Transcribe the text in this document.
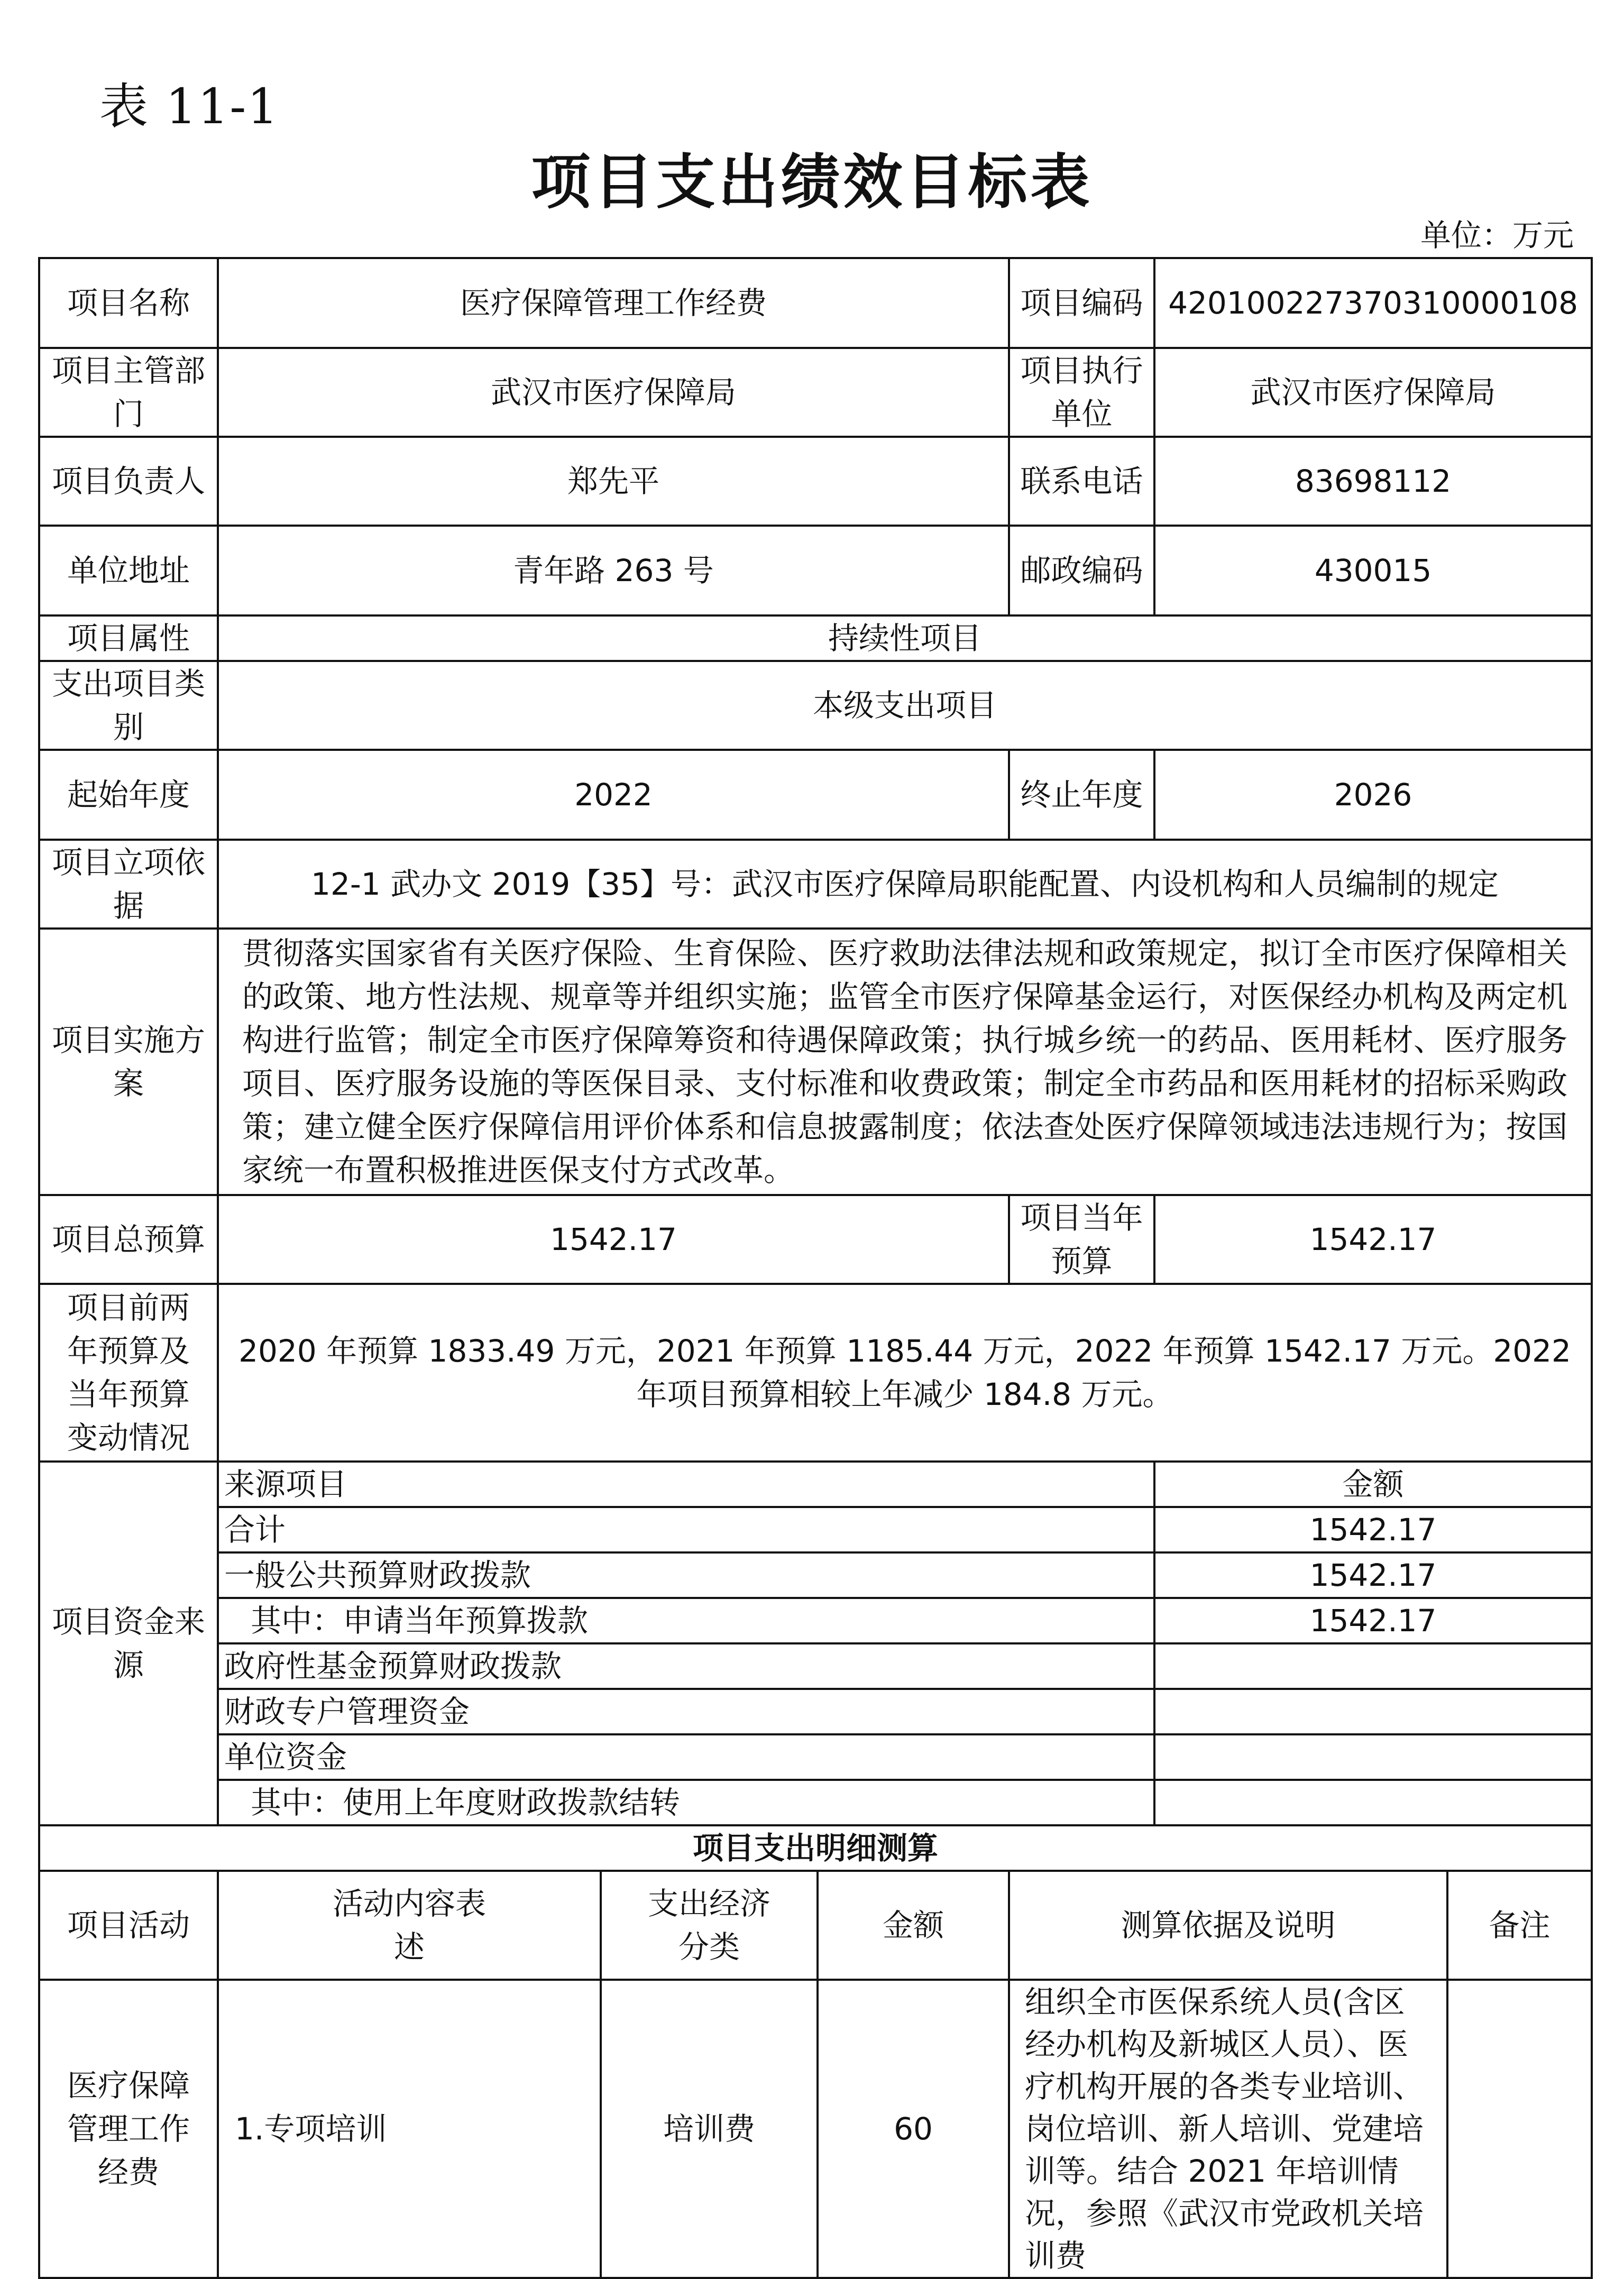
表 11-1
项目支出绩效目标表
单位：万元
项目名称	医疗保障管理工作经费			项目编码	42010022737031000010​8	
项目主管部门	武汉市医疗保障局			项目执行单位	武汉市医疗保障局	
项目负责人	郑先平			联系电话	83698112	
单位地址	青年路 263 号			邮政编码	430015	
项目属性	持续性项目					
支出项目类别	本级支出项目					
起始年度	2022			终止年度	2026	
项目立项依据	12-1 武办文 2019【35】号：武汉市医疗保障局职能配置、内设机构和人员编制的规定					
项目实施方案	贯彻落实国家省有关医疗保险、生育保险、医疗救助法律法规和政策规定，拟订全市医疗保障相关的政策、地方性法规、规章等并组织实施；监管全市医疗保障基金运行，对医保经办机构及两定机构进行监管；制定全市医疗保障筹资和待遇保障政策；执行城乡统一的药品、医用耗材、医疗服务项目、医疗服务设施的等医保目录、支付标准和收费政策；制定全市药品和医用耗材的招标采购政策；建立健全医疗保障信用评价体系和信息披露制度；依法查处医疗保障领域违法违规行为；按国家统一布置积极推进医保支付方式改革。					
项目总预算	1542.17			项目当年预算	1542.17	
项目前两年预算及当年预算变动情况	2020 年预算 1833.49 万元，2021 年预算 1185.44 万元，2022 年预算 1542.17 万元。2022 年项目预算相较上年减少 184.8 万元。					
项目资金来源	来源项目				金额	
	合计				1542.17	
	一般公共预算财政拨款				1542.17	
	其中：申请当年预算拨款				1542.17	
	政府性基金预算财政拨款					
	财政专户管理资金					
	单位资金					
	其中：使用上年度财政拨款结转					
项目支出明细测算						
项目活动	活动内容表述	支出经济分类	金额	测算依据及说明		备注
医疗保障管理工作经费	1.专项培训	培训费	60	组织全市医保系统人员(含区经办机构及新城区人员）、医疗机构开展的各类专业培训、岗位培训、新人培训、党建培训等。结合 2021 年培训情况，参照《武汉市党政机关培训费		
